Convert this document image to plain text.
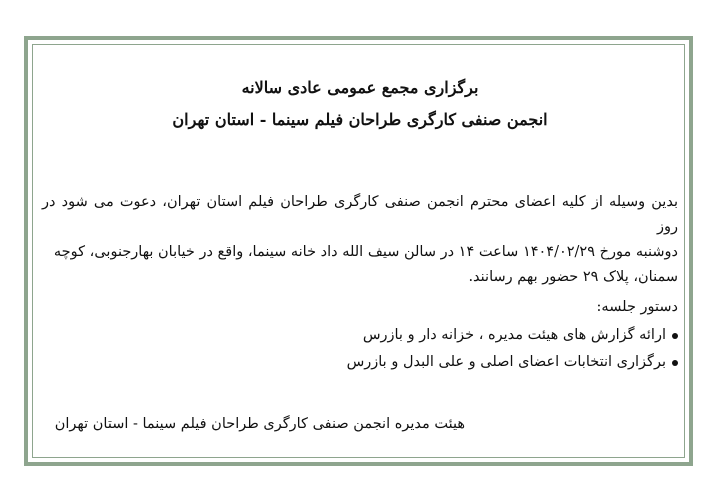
برگزاری مجمع عمومی عادی سالانه
انجمن صنفی کارگری طراحان فیلم سینما - استان تهران
بدین وسیله از کلیه اعضای محترم انجمن صنفی کارگری طراحان فیلم استان تهران، دعوت می شود در روز
دوشنبه مورخ ۱۴۰۴/۰۲/۲۹ ساعت ۱۴ در سالن سیف الله داد خانه سینما، واقع در خیابان بهارجنوبی، کوچه
سمنان، پلاک ۲۹ حضور بهم رسانند.
دستور جلسه:
ارائه گزارش های هیئت مدیره ، خزانه دار و بازرس
برگزاری انتخابات اعضای اصلی و علی البدل و بازرس
هیئت مدیره انجمن صنفی کارگری طراحان فیلم سینما - استان تهران
